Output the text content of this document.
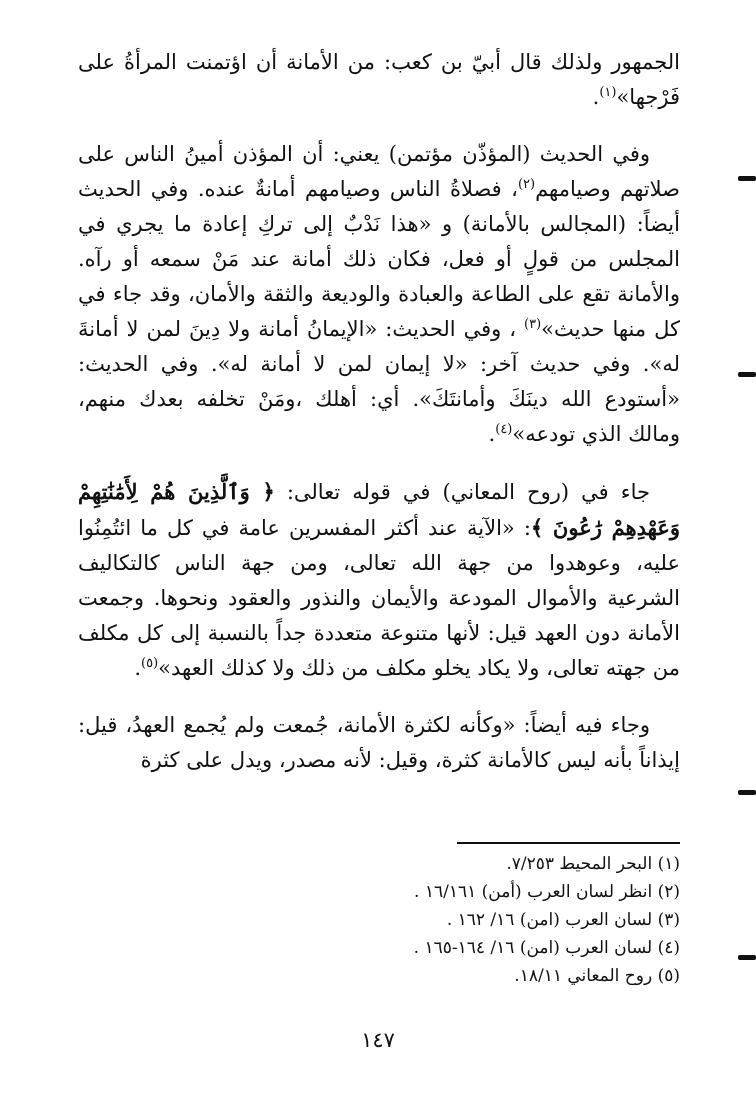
الجمهور ولذلك قال أبيّ بن كعب: من الأمانة أن اؤتمنت المرأةُ على فَرْجها»$^{(١)}$.

وفي الحديث (المؤذّن مؤتمن) يعني: أن المؤذن أمينُ الناس على صلاتهم وصيامهم$^{(٢)}$، فصلاةُ الناس وصيامهم أمانةٌ عنده. وفي الحديث أيضاً: (المجالس بالأمانة) و «هذا نَدْبٌ إلى تركِ إعادة ما يجري في المجلس من قولٍ أو فعل، فكان ذلك أمانة عند مَنْ سمعه أو رآه. والأمانة تقع على الطاعة والعبادة والوديعة والثقة والأمان، وقد جاء في كل منها حديث»$^{(٣)}$ ، وفي الحديث: «الإيمانُ أمانة ولا دِينَ لمن لا أمانةَ له». وفي حديث آخر: «لا إيمان لمن لا أمانة له». وفي الحديث: «أستودع الله دينَكَ وأمانتَكَ». أي: أهلك ،ومَنْ تخلفه بعدك منهم، ومالك الذي تودعه»$^{(٤)}$.

جاء في (روح المعاني) في قوله تعالى: ﴿ وَٱلَّذِينَ هُمْ لِأَمَٰنَٰتِهِمْ وَعَهْدِهِمْ رَٰعُونَ ﴾: «الآية عند أكثر المفسرين عامة في كل ما ائتُمِنُوا عليه، وعوهدوا من جهة الله تعالى، ومن جهة الناس كالتكاليف الشرعية والأموال المودعة والأيمان والنذور والعقود ونحوها. وجمعت الأمانة دون العهد قيل: لأنها متنوعة متعددة جداً بالنسبة إلى كل مكلف من جهته تعالى، ولا يكاد يخلو مكلف من ذلك ولا كذلك العهد»$^{(٥)}$.

وجاء فيه أيضاً: «وكأنه لكثرة الأمانة، جُمعت ولم يُجمع العهدُ، قيل: إيذاناً بأنه ليس كالأمانة كثرة، وقيل: لأنه مصدر، ويدل على كثرة

(١) البحر المحيط ٧/٢٥٣.
(٢) انظر لسان العرب (أمن) ١٦/١٦١ .
(٣) لسان العرب (امن) ١٦/ ١٦٢ .
(٤) لسان العرب (امن) ١٦/ ١٦٤-١٦٥ .
(٥) روح المعاني ١٨/١١.
١٤٧
